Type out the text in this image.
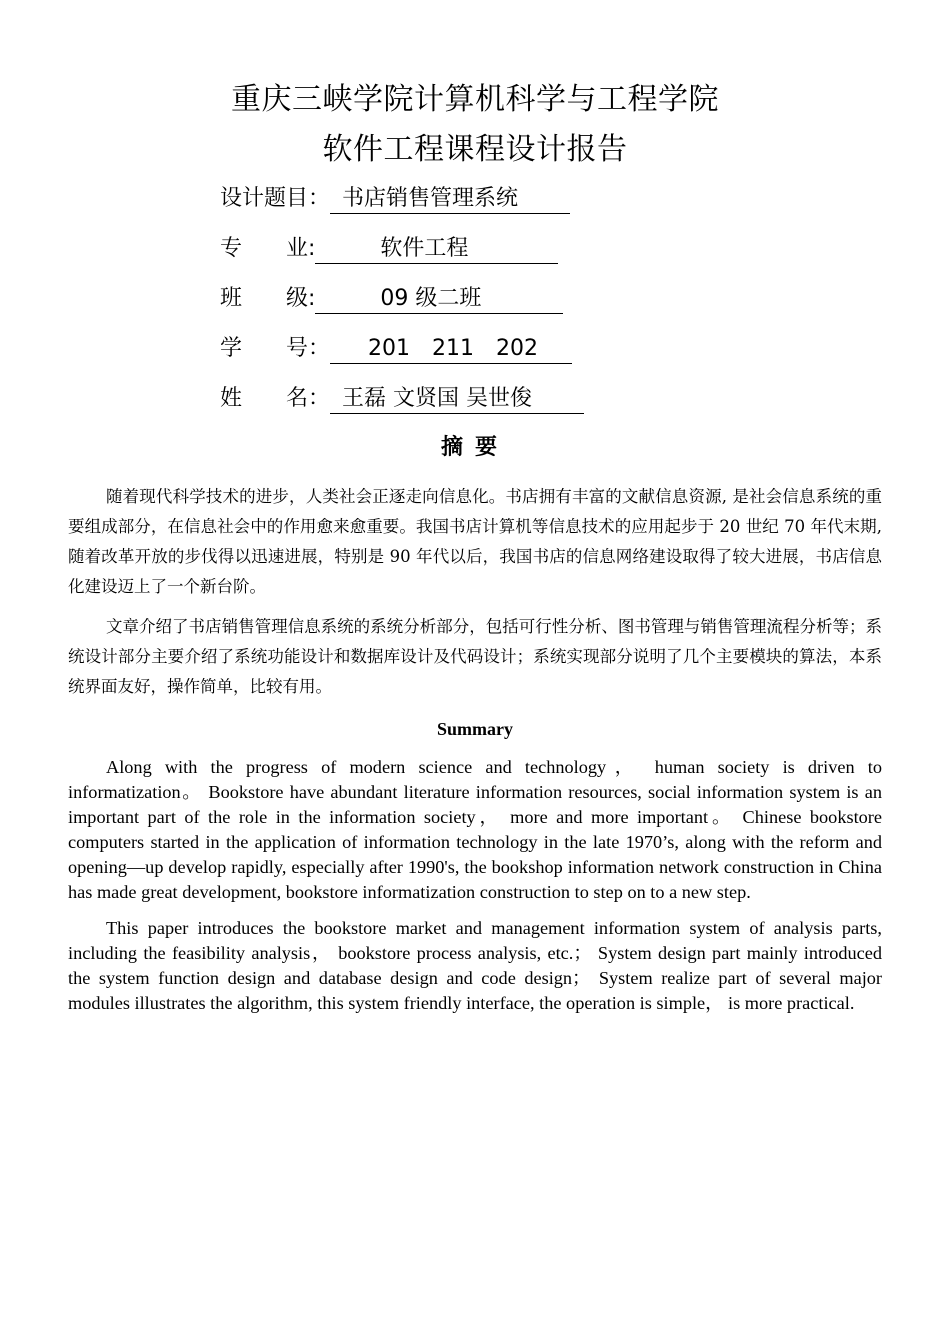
重庆三峡学院计算机科学与工程学院
软件工程课程设计报告
设计题目： 书店销售管理系统
专　　业:	软件工程
班　　级:	09 级二班
学　　号： 201　211　202
姓　　名： 王磊 文贤国 吴世俊
摘要

随着现代科学技术的进步，人类社会正逐走向信息化。书店拥有丰富的文献信息资源, 是社会信息系统的重要组成部分，在信息社会中的作用愈来愈重要。我国书店计算机等信息技术的应用起步于 20 世纪 70 年代末期, 随着改革开放的步伐得以迅速进展，特别是 90 年代以后，我国书店的信息网络建设取得了较大进展，书店信息化建设迈上了一个新台阶。

文章介绍了书店销售管理信息系统的系统分析部分，包括可行性分析、图书管理与销售管理流程分析等；系统设计部分主要介绍了系统功能设计和数据库设计及代码设计；系统实现部分说明了几个主要模块的算法，本系统界面友好，操作简单，比较有用。

Summary

Along with the progress of modern science and technology， human society is driven to informatization。 Bookstore have abundant literature information resources, social information system is an important part of the role in the information society， more and more important。 Chinese bookstore computers started in the application of information technology in the late 1970’s, along with the reform and opening—up develop rapidly, especially after 1990's, the bookshop information network construction in China has made great development, bookstore informatization construction to step on to a new step.

This paper introduces the bookstore market and management information system of analysis parts, including the feasibility analysis， bookstore process analysis, etc.； System design part mainly introduced the system function design and database design and code design； System realize part of several major modules illustrates the algorithm, this system friendly interface, the operation is simple， is more practical.
